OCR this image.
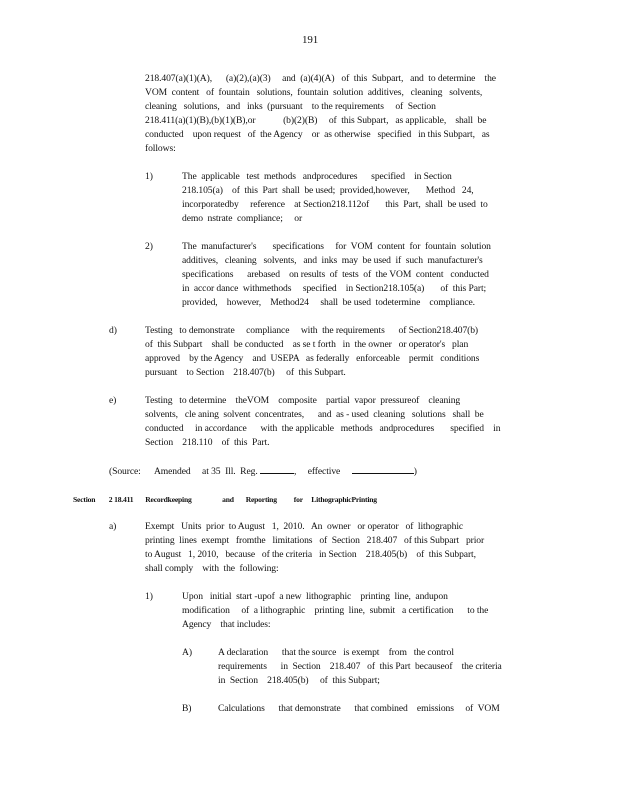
191
218.407(a)(1)(A),      (a)(2),(a)(3)     and  (a)(4)(A)   of  this  Subpart,   and  to determine    the
VOM  content   of  fountain   solutions,  fountain  solution  additives,   cleaning   solvents,
cleaning   solutions,   and   inks  (pursuant    to the requirements     of  Section
218.411(a)(1)(B),(b)(1)(B),or            (b)(2)(B)     of  this Subpart,   as applicable,    shall  be
conducted    upon request   of  the Agency    or  as otherwise   specified   in this Subpart,   as
follows:
1)	The  applicable   test  methods   andprocedures      specified    in Section
218.105(a)    of  this  Part  shall  be used;  provided,however,       Method   24,
incorporatedby     reference    at Section218.112of       this  Part,  shall  be used  to
demo  nstrate  compliance;     or
2)	The  manufacturer's       specifications     for  VOM  content  for  fountain  solution
additives,   cleaning   solvents,   and  inks  may  be used  if  such  manufacturer's
specifications      arebased    on results  of  tests  of  the VOM  content   conducted
in  accor dance  withmethods     specified    in Section218.105(a)       of  this Part;
provided,    however,    Method24     shall  be used  todetermine    compliance.
d)	Testing   to demonstrate     compliance     with  the requirements      of Section218.407(b)
of  this Subpart    shall  be conducted    as se t forth   in  the owner   or operator's   plan
approved    by the Agency    and  USEPA   as federally   enforceable    permit   conditions
pursuant    to Section    218.407(b)     of  this Subpart.
e)	Testing   to determine    theVOM    composite    partial  vapor  pressureof    cleaning
solvents,   cle aning  solvent  concentrates,      and  as - used  cleaning   solutions   shall  be
conducted     in accordance      with  the applicable   methods   andprocedures       specified    in
Section    218.110    of  this  Part.
(Source:      Amended     at 35  Ill.  Reg.	,     effective	)
Section        2 18.411       Recordkeeping                  and       Reporting          for     LithographicPrinting
a)	Exempt   Units  prior  to August   1,  2010.   An  owner   or operator   of  lithographic
printing  lines  exempt   fromthe   limitations   of  Section   218.407   of this Subpart   prior
to August   1, 2010,   because   of the criteria   in Section    218.405(b)    of  this Subpart,
shall comply    with  the  following:
1)	Upon   initial  start -upof  a new  lithographic    printing  line,  andupon
modification     of  a lithographic    printing  line,  submit   a certification      to the
Agency    that includes:
A)	A declaration      that the source   is exempt    from   the control
requirements      in  Section    218.407   of  this Part  becauseof    the criteria
in  Section    218.405(b)     of  this Subpart;
B)	Calculations      that demonstrate      that combined    emissions     of  VOM
